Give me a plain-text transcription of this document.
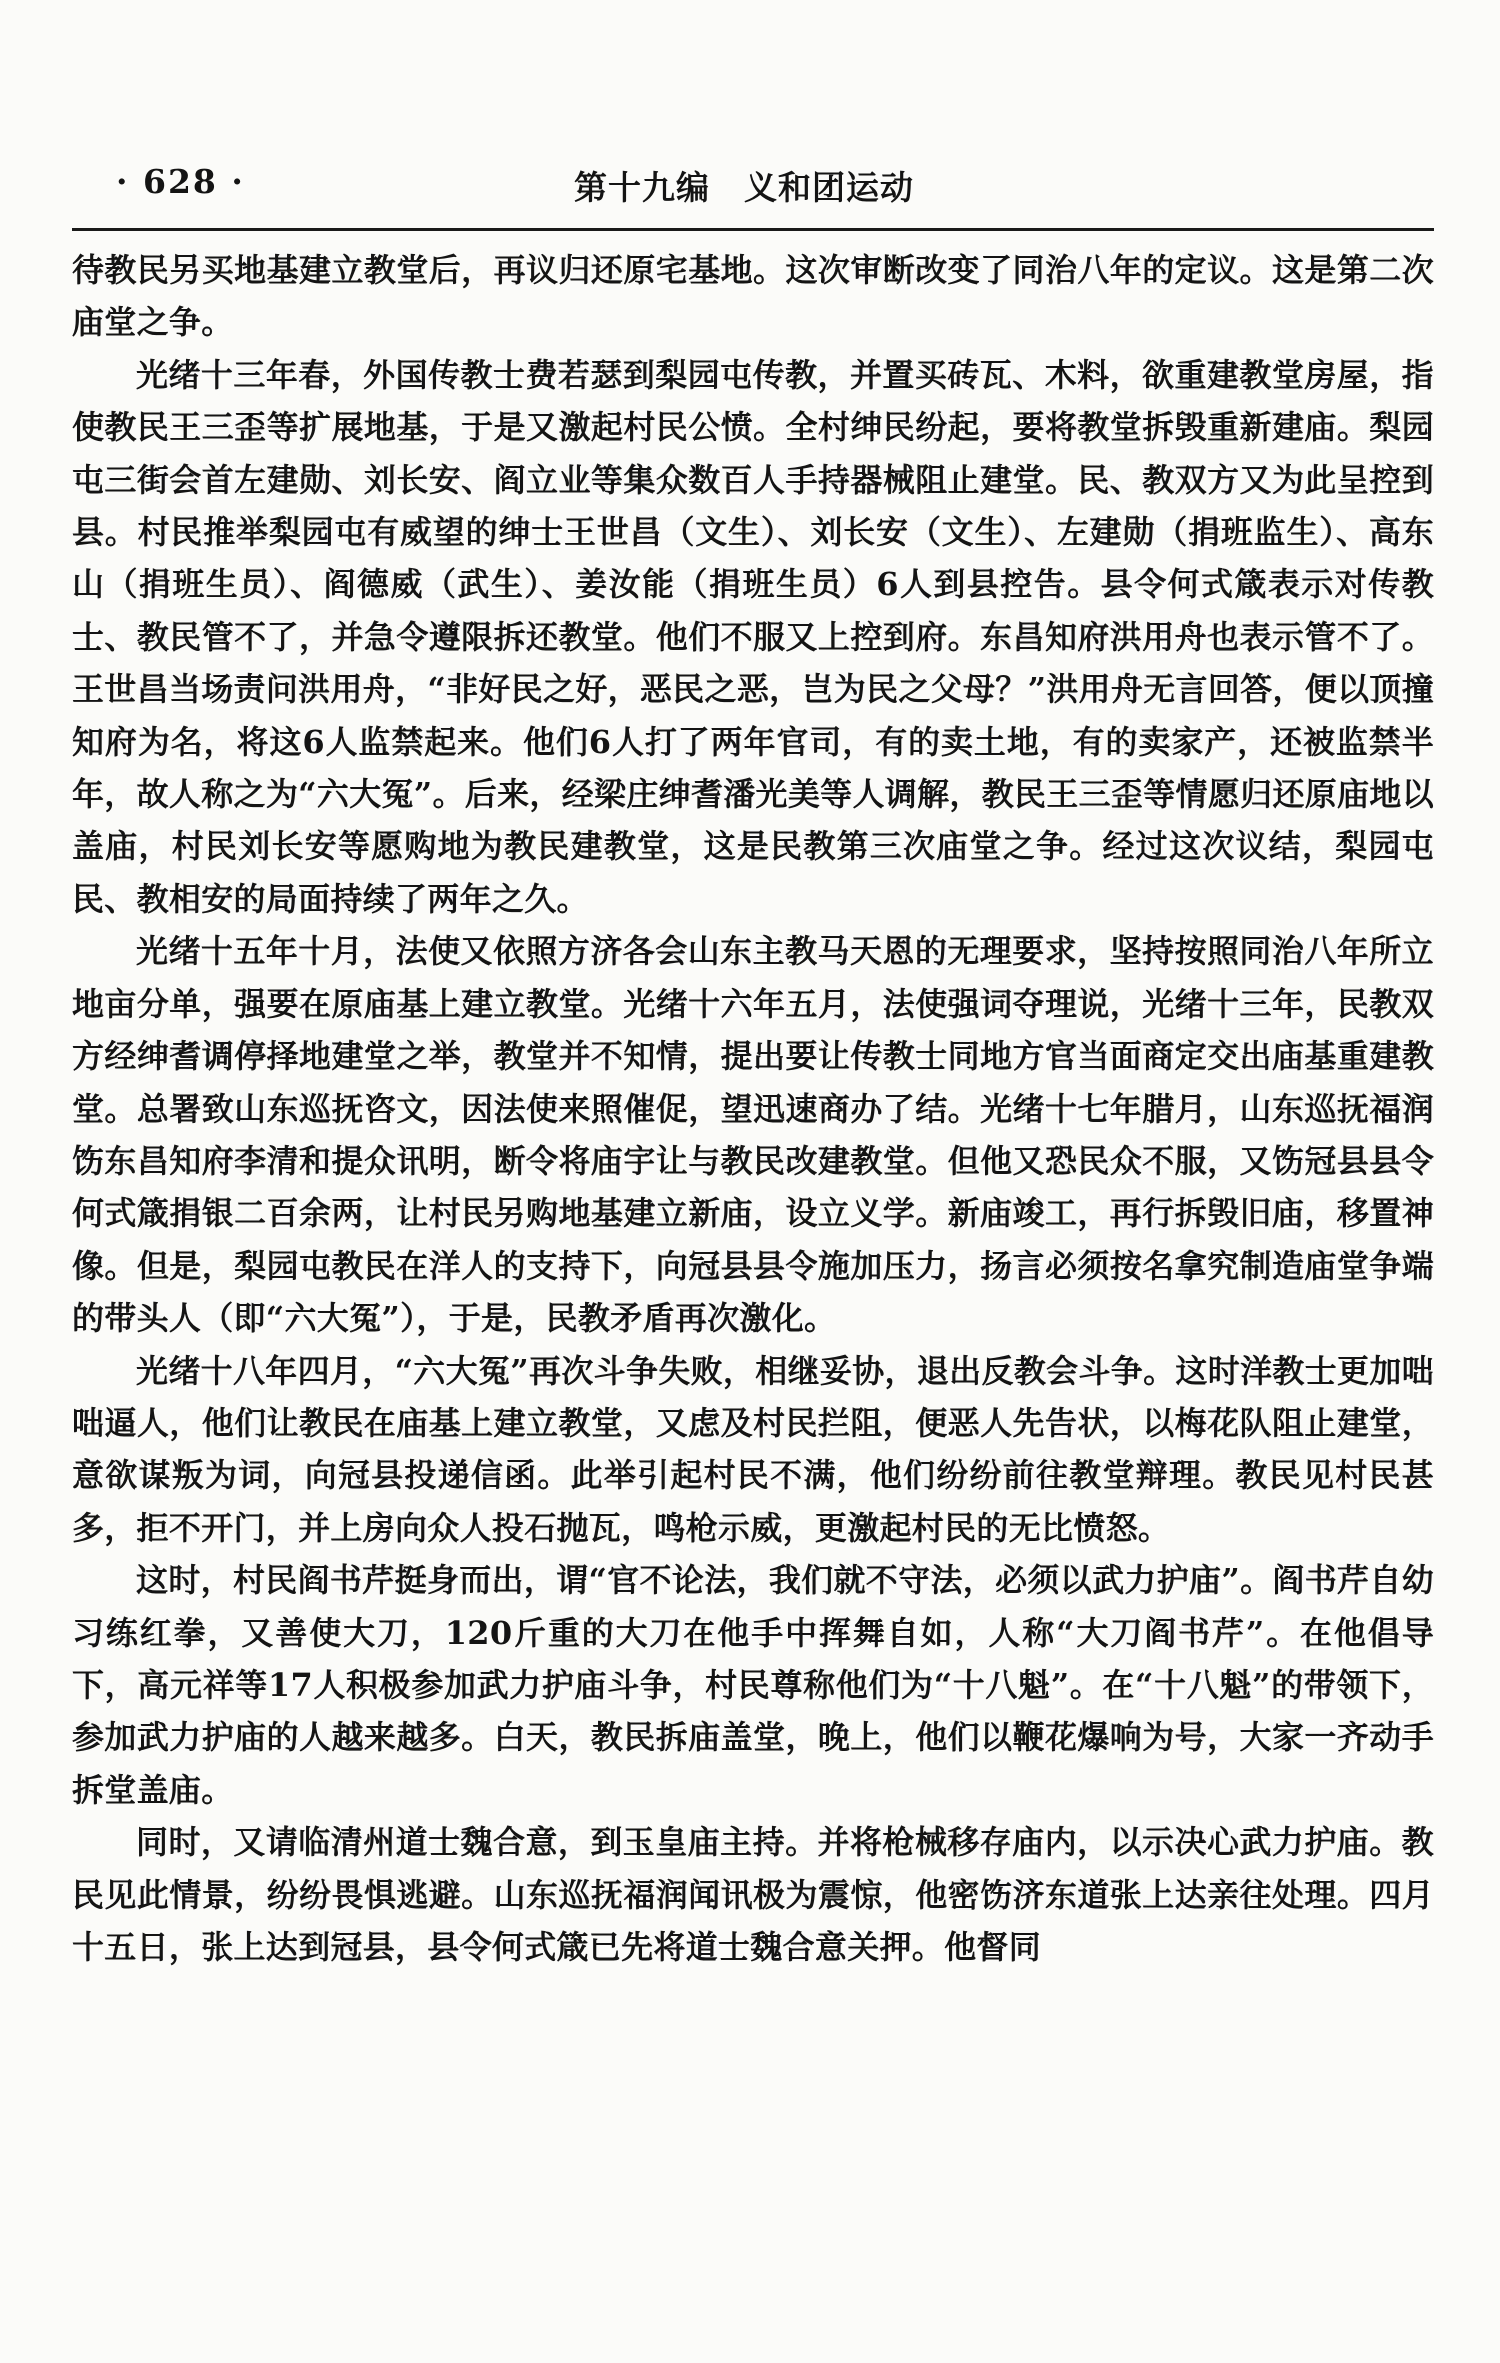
· 628 ·	第十九编　义和团运动

待教民另买地基建立教堂后，再议归还原宅基地。这次审断改变了同治八年的定议。这是第二次庙堂之争。

光绪十三年春，外国传教士费若瑟到梨园屯传教，并置买砖瓦、木料，欲重建教堂房屋，指使教民王三歪等扩展地基，于是又激起村民公愤。全村绅民纷起，要将教堂拆毁重新建庙。梨园屯三街会首左建勋、刘长安、阎立业等集众数百人手持器械阻止建堂。民、教双方又为此呈控到县。村民推举梨园屯有威望的绅士王世昌（文生）、刘长安（文生）、左建勋（捐班监生）、高东山（捐班生员）、阎德威（武生）、姜汝能（捐班生员）6人到县控告。县令何式箴表示对传教士、教民管不了，并急令遵限拆还教堂。他们不服又上控到府。东昌知府洪用舟也表示管不了。王世昌当场责问洪用舟，“非好民之好，恶民之恶，岂为民之父母？”洪用舟无言回答，便以顶撞知府为名，将这6人监禁起来。他们6人打了两年官司，有的卖土地，有的卖家产，还被监禁半年，故人称之为“六大冤”。后来，经梁庄绅耆潘光美等人调解，教民王三歪等情愿归还原庙地以盖庙，村民刘长安等愿购地为教民建教堂，这是民教第三次庙堂之争。经过这次议结，梨园屯民、教相安的局面持续了两年之久。

光绪十五年十月，法使又依照方济各会山东主教马天恩的无理要求，坚持按照同治八年所立地亩分单，强要在原庙基上建立教堂。光绪十六年五月，法使强词夺理说，光绪十三年，民教双方经绅耆调停择地建堂之举，教堂并不知情，提出要让传教士同地方官当面商定交出庙基重建教堂。总署致山东巡抚咨文，因法使来照催促，望迅速商办了结。光绪十七年腊月，山东巡抚福润饬东昌知府李清和提众讯明，断令将庙宇让与教民改建教堂。但他又恐民众不服，又饬冠县县令何式箴捐银二百余两，让村民另购地基建立新庙，设立义学。新庙竣工，再行拆毁旧庙，移置神像。但是，梨园屯教民在洋人的支持下，向冠县县令施加压力，扬言必须按名拿究制造庙堂争端的带头人（即“六大冤”），于是，民教矛盾再次激化。

光绪十八年四月，“六大冤”再次斗争失败，相继妥协，退出反教会斗争。这时洋教士更加咄咄逼人，他们让教民在庙基上建立教堂，又虑及村民拦阻，便恶人先告状，以梅花队阻止建堂，意欲谋叛为词，向冠县投递信函。此举引起村民不满，他们纷纷前往教堂辩理。教民见村民甚多，拒不开门，并上房向众人投石抛瓦，鸣枪示威，更激起村民的无比愤怒。

这时，村民阎书芹挺身而出，谓“官不论法，我们就不守法，必须以武力护庙”。阎书芹自幼习练红拳，又善使大刀，120斤重的大刀在他手中挥舞自如，人称“大刀阎书芹”。在他倡导下，高元祥等17人积极参加武力护庙斗争，村民尊称他们为“十八魁”。在“十八魁”的带领下，参加武力护庙的人越来越多。白天，教民拆庙盖堂，晚上，他们以鞭花爆响为号，大家一齐动手拆堂盖庙。

同时，又请临清州道士魏合意，到玉皇庙主持。并将枪械移存庙内，以示决心武力护庙。教民见此情景，纷纷畏惧逃避。山东巡抚福润闻讯极为震惊，他密饬济东道张上达亲往处理。四月十五日，张上达到冠县，县令何式箴已先将道士魏合意关押。他督同
